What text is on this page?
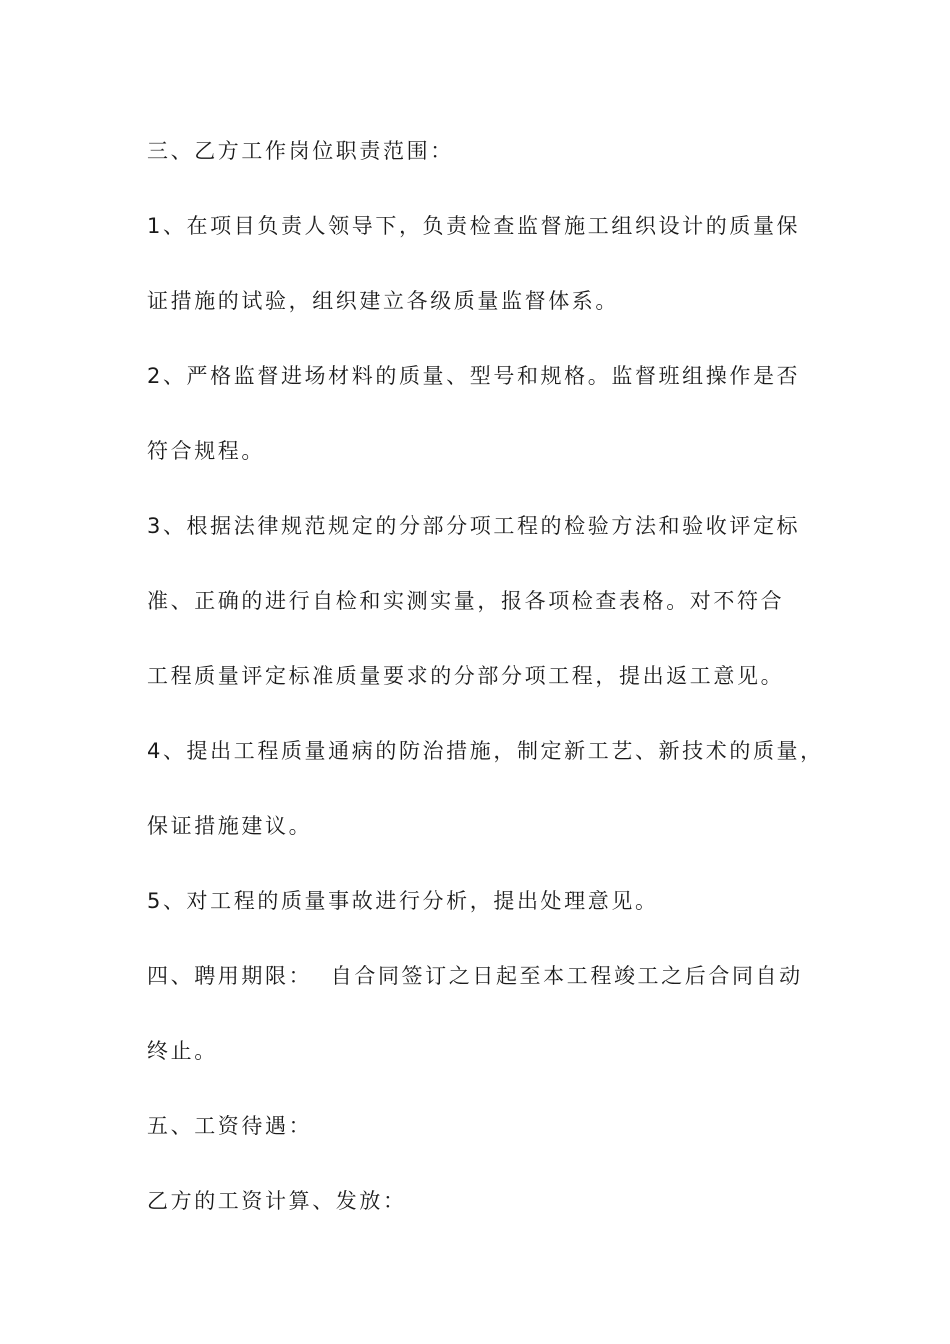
三、乙方工作岗位职责范围：
1、在项目负责人领导下，负责检查监督施工组织设计的质量保
证措施的试验，组织建立各级质量监督体系。
2、严格监督进场材料的质量、型号和规格。监督班组操作是否
符合规程。
3、根据法律规范规定的分部分项工程的检验方法和验收评定标
准、正确的进行自检和实测实量，报各项检查表格。对不符合
工程质量评定标准质量要求的分部分项工程，提出返工意见。
4、提出工程质量通病的防治措施，制定新工艺、新技术的质量，
保证措施建议。
5、对工程的质量事故进行分析，提出处理意见。
四、聘用期限：  自合同签订之日起至本工程竣工之后合同自动
终止。
五、工资待遇：
乙方的工资计算、发放：
